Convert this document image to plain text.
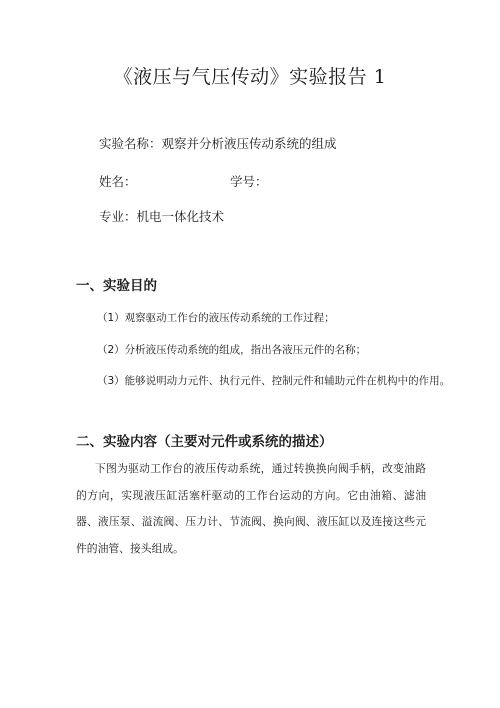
《液压与气压传动》实验报告 1
实验名称：观察并分析液压传动系统的组成
姓名：	学号：
专业：机电一体化技术
一、实验目的
（1）观察驱动工作台的液压传动系统的工作过程；
（2）分析液压传动系统的组成，指出各液压元件的名称；
（3）能够说明动力元件、执行元件、控制元件和辅助元件在机构中的作用。
二、实验内容（主要对元件或系统的描述）
下图为驱动工作台的液压传动系统，通过转换换向阀手柄，改变油路的方向，实现液压缸活塞杆驱动的工作台运动的方向。它由油箱、滤油器、液压泵、溢流阀、压力计、节流阀、换向阀、液压缸以及连接这些元件的油管、接头组成。
